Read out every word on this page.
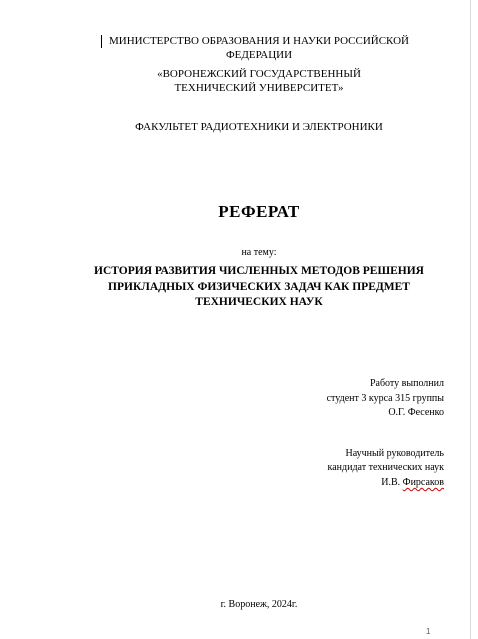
МИНИСТЕРСТВО ОБРАЗОВАНИЯ И НАУКИ РОССИЙСКОЙ
ФЕДЕРАЦИИ
«ВОРОНЕЖСКИЙ ГОСУДАРСТВЕННЫЙ
ТЕХНИЧЕСКИЙ УНИВЕРСИТЕТ»
ФАКУЛЬТЕТ РАДИОТЕХНИКИ И ЭЛЕКТРОНИКИ
РЕФЕРАТ
на тему:
ИСТОРИЯ РАЗВИТИЯ ЧИСЛЕННЫХ МЕТОДОВ РЕШЕНИЯ
ПРИКЛАДНЫХ ФИЗИЧЕСКИХ ЗАДАЧ КАК ПРЕДМЕТ
ТЕХНИЧЕСКИХ НАУК
Работу выполнил
студент 3 курса 315 группы
О.Г. Фесенко
Научный руководитель
кандидат технических наук
И.В. Фирсаков
г. Воронеж, 2024г.
1
